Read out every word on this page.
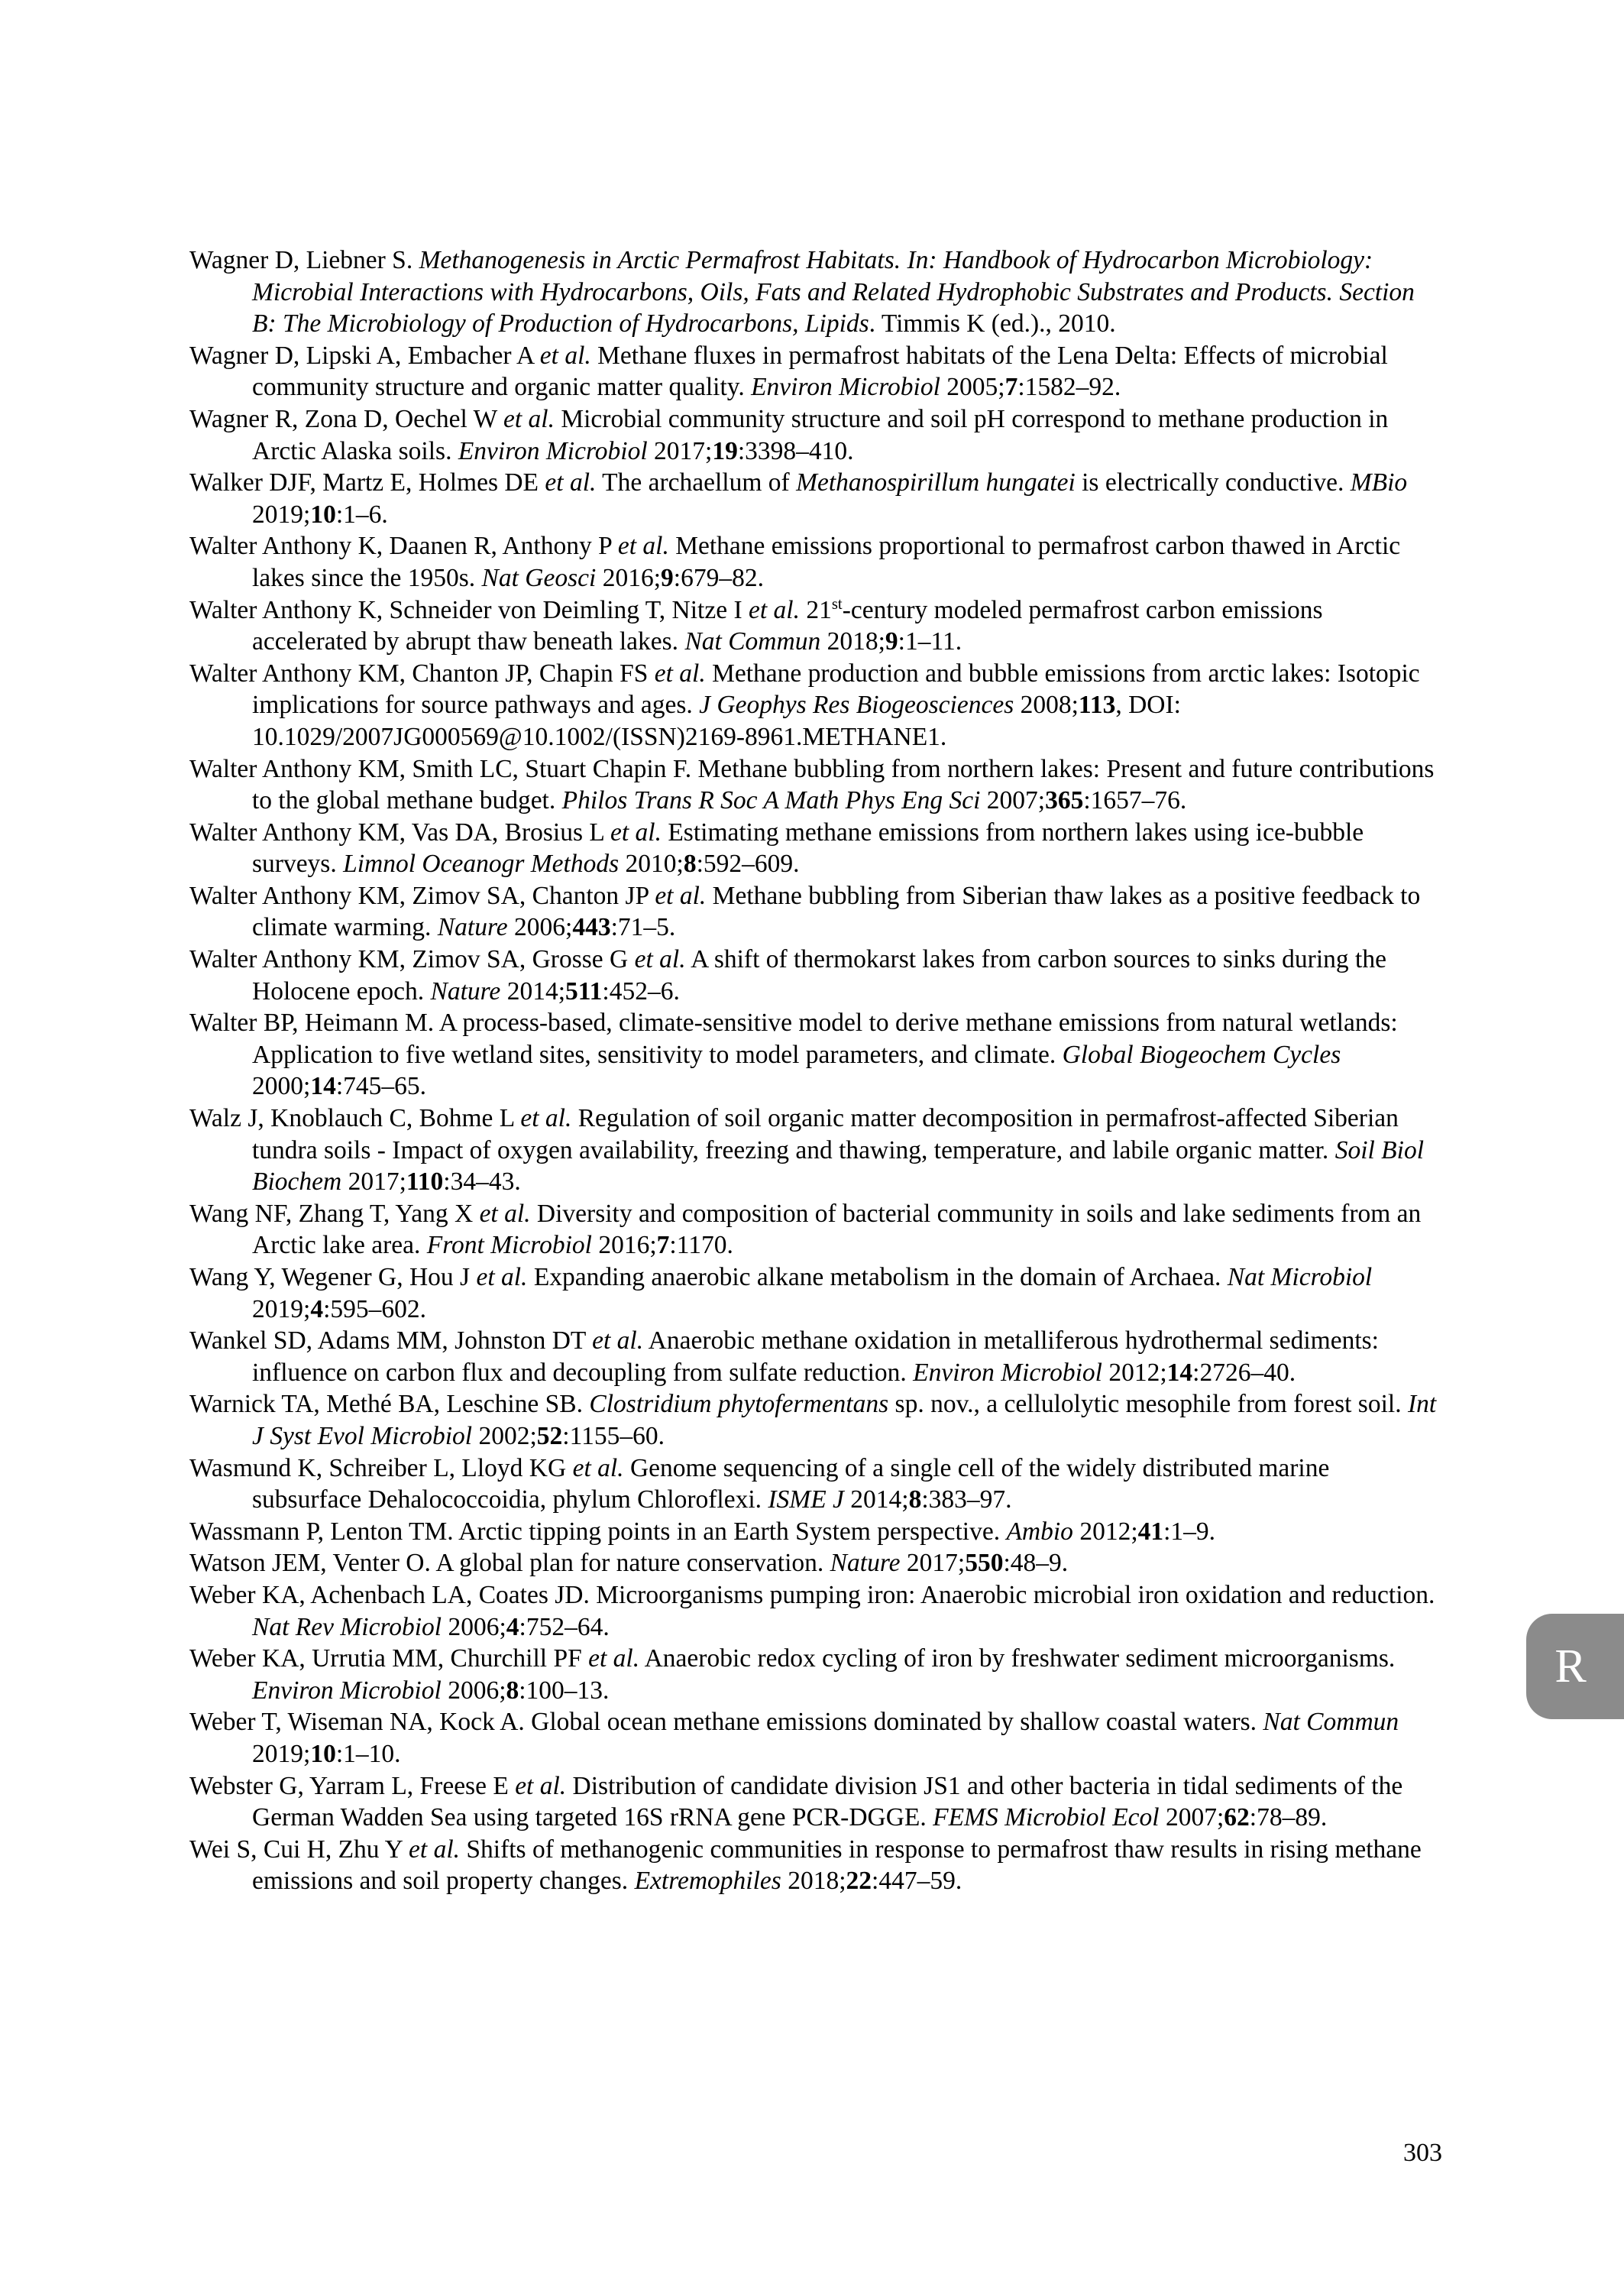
Wagner D, Liebner S. Methanogenesis in Arctic Permafrost Habitats. In: Handbook of Hydrocarbon Microbiology: Microbial Interactions with Hydrocarbons, Oils, Fats and Related Hydrophobic Substrates and Products. Section B: The Microbiology of Production of Hydrocarbons, Lipids. Timmis K (ed.)., 2010.

Wagner D, Lipski A, Embacher A et al. Methane fluxes in permafrost habitats of the Lena Delta: Effects of microbial community structure and organic matter quality. Environ Microbiol 2005;7:1582–92.

Wagner R, Zona D, Oechel W et al. Microbial community structure and soil pH correspond to methane production in Arctic Alaska soils. Environ Microbiol 2017;19:3398–410.

Walker DJF, Martz E, Holmes DE et al. The archaellum of Methanospirillum hungatei is electrically conductive. MBio 2019;10:1–6.

Walter Anthony K, Daanen R, Anthony P et al. Methane emissions proportional to permafrost carbon thawed in Arctic lakes since the 1950s. Nat Geosci 2016;9:679–82.

Walter Anthony K, Schneider von Deimling T, Nitze I et al. 21st-century modeled permafrost carbon emissions accelerated by abrupt thaw beneath lakes. Nat Commun 2018;9:1–11.

Walter Anthony KM, Chanton JP, Chapin FS et al. Methane production and bubble emissions from arctic lakes: Isotopic implications for source pathways and ages. J Geophys Res Biogeosciences 2008;113, DOI: 10.1029/2007JG000569@10.1002/(ISSN)2169-8961.METHANE1.

Walter Anthony KM, Smith LC, Stuart Chapin F. Methane bubbling from northern lakes: Present and future contributions to the global methane budget. Philos Trans R Soc A Math Phys Eng Sci 2007;365:1657–76.

Walter Anthony KM, Vas DA, Brosius L et al. Estimating methane emissions from northern lakes using ice-bubble surveys. Limnol Oceanogr Methods 2010;8:592–609.

Walter Anthony KM, Zimov SA, Chanton JP et al. Methane bubbling from Siberian thaw lakes as a positive feedback to climate warming. Nature 2006;443:71–5.

Walter Anthony KM, Zimov SA, Grosse G et al. A shift of thermokarst lakes from carbon sources to sinks during the Holocene epoch. Nature 2014;511:452–6.

Walter BP, Heimann M. A process-based, climate-sensitive model to derive methane emissions from natural wetlands: Application to five wetland sites, sensitivity to model parameters, and climate. Global Biogeochem Cycles 2000;14:745–65.

Walz J, Knoblauch C, Bohme L et al. Regulation of soil organic matter decomposition in permafrost-affected Siberian tundra soils - Impact of oxygen availability, freezing and thawing, temperature, and labile organic matter. Soil Biol Biochem 2017;110:34–43.

Wang NF, Zhang T, Yang X et al. Diversity and composition of bacterial community in soils and lake sediments from an Arctic lake area. Front Microbiol 2016;7:1170.

Wang Y, Wegener G, Hou J et al. Expanding anaerobic alkane metabolism in the domain of Archaea. Nat Microbiol 2019;4:595–602.

Wankel SD, Adams MM, Johnston DT et al. Anaerobic methane oxidation in metalliferous hydrothermal sediments: influence on carbon flux and decoupling from sulfate reduction. Environ Microbiol 2012;14:2726–40.

Warnick TA, Methé BA, Leschine SB. Clostridium phytofermentans sp. nov., a cellulolytic mesophile from forest soil. Int J Syst Evol Microbiol 2002;52:1155–60.

Wasmund K, Schreiber L, Lloyd KG et al. Genome sequencing of a single cell of the widely distributed marine subsurface Dehalococcoidia, phylum Chloroflexi. ISME J 2014;8:383–97.

Wassmann P, Lenton TM. Arctic tipping points in an Earth System perspective. Ambio 2012;41:1–9.

Watson JEM, Venter O. A global plan for nature conservation. Nature 2017;550:48–9.

Weber KA, Achenbach LA, Coates JD. Microorganisms pumping iron: Anaerobic microbial iron oxidation and reduction. Nat Rev Microbiol 2006;4:752–64.

Weber KA, Urrutia MM, Churchill PF et al. Anaerobic redox cycling of iron by freshwater sediment microorganisms. Environ Microbiol 2006;8:100–13.

Weber T, Wiseman NA, Kock A. Global ocean methane emissions dominated by shallow coastal waters. Nat Commun 2019;10:1–10.

Webster G, Yarram L, Freese E et al. Distribution of candidate division JS1 and other bacteria in tidal sediments of the German Wadden Sea using targeted 16S rRNA gene PCR-DGGE. FEMS Microbiol Ecol 2007;62:78–89.

Wei S, Cui H, Zhu Y et al. Shifts of methanogenic communities in response to permafrost thaw results in rising methane emissions and soil property changes. Extremophiles 2018;22:447–59.

R
303
